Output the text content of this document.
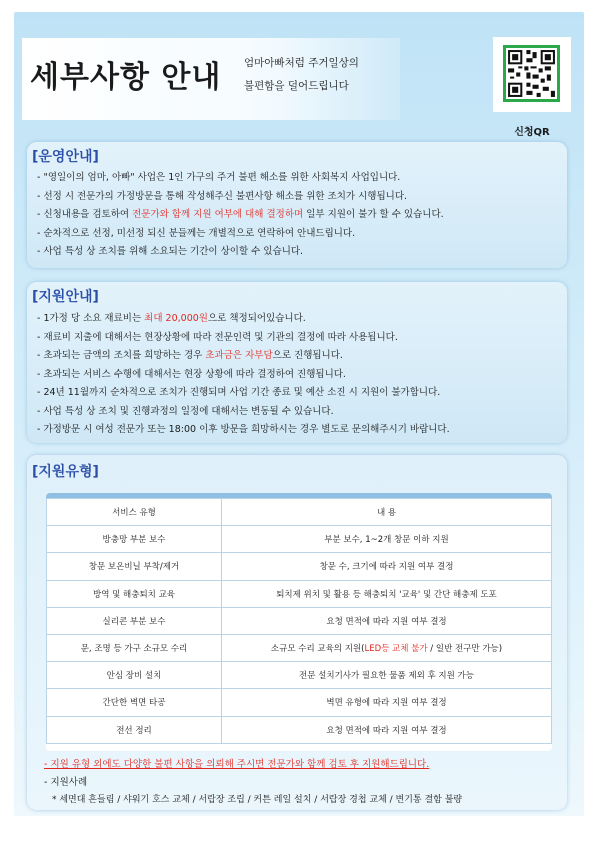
세부사항 안내 엄마아빠처럼 주거일상의
불편함을 덜어드립니다
신청QR
[운영안내]
- "영일이의 엄마, 아빠" 사업은 1인 가구의 주거 불편 해소를 위한 사회복지 사업입니다.
- 선정 시 전문가의 가정방문을 통해 작성해주신 불편사항 해소를 위한 조치가 시행됩니다.
- 신청내용을 검토하여 전문가와 함께 지원 여부에 대해 결정하며 일부 지원이 불가 할 수 있습니다.
- 순차적으로 선정, 미선정 되신 분들께는 개별적으로 연락하여 안내드립니다.
- 사업 특성 상 조치를 위해 소요되는 기간이 상이할 수 있습니다.
[지원안내]
- 1가정 당 소요 재료비는 최대 20,000원으로 책정되어있습니다.
- 재료비 지출에 대해서는 현장상황에 따라 전문인력 및 기관의 결정에 따라 사용됩니다.
- 초과되는 금액의 조치를 희망하는 경우 초과금은 자부담으로 진행됩니다.
- 초과되는 서비스 수행에 대해서는 현장 상황에 따라 결정하여 진행됩니다.
- 24년 11월까지 순차적으로 조치가 진행되며 사업 기간 종료 및 예산 소진 시 지원이 불가합니다.
- 사업 특성 상 조치 및 진행과정의 일정에 대해서는 변동될 수 있습니다.
- 가정방문 시 여성 전문가 또는 18:00 이후 방문을 희망하시는 경우 별도로 문의해주시기 바랍니다.
[지원유형]
서비스 유형	내 용
방충망 부분 보수	부분 보수, 1~2개 창문 이하 지원
창문 보온비닐 부착/제거	창문 수, 크기에 따라 지원 여부 결정
방역 및 해충퇴치 교육	퇴치제 위치 및 활용 등 해충퇴치 '교육' 및 간단 해충제 도포
실리콘 부분 보수	요청 면적에 따라 지원 여부 결정
문, 조명 등 가구 소규모 수리	소규모 수리 교육의 지원(LED등 교체 불가 / 일반 전구만 가능)
안심 장비 설치	전문 설치기사가 필요한 물품 제외 후 지원 가능
간단한 벽면 타공	벽면 유형에 따라 지원 여부 결정
전선 정리	요청 면적에 따라 지원 여부 결정
- 지원 유형 외에도 다양한 불편 사항을 의뢰해 주시면 전문가와 함께 검토 후 지원해드립니다.
- 지원사례
* 세면대 흔들림 / 샤워기 호스 교체 / 서랍장 조립 / 커튼 레일 설치 / 서랍장 경첩 교체 / 변기통 결함 불량
